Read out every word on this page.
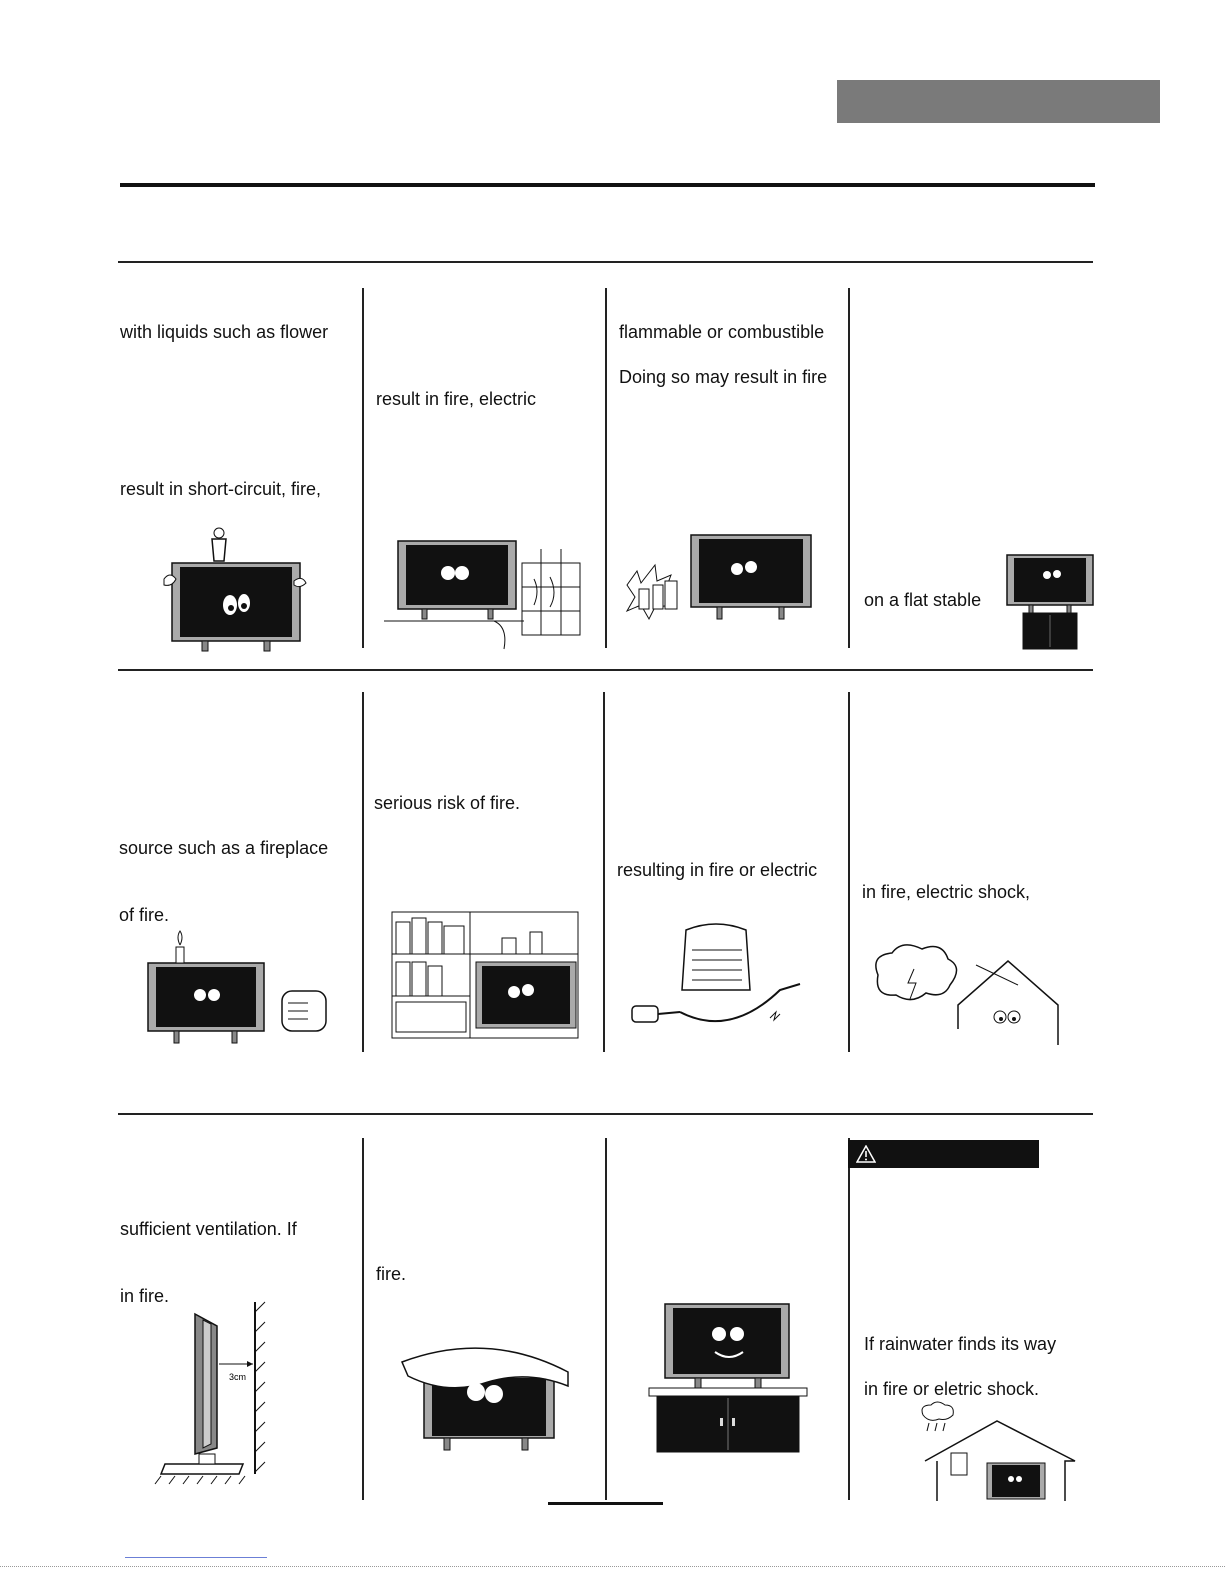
with liquids such as flower
result in short-circuit, fire,
result in fire, electric
flammable or combustible
Doing so may result in fire
on a flat stable
source such as a fireplace
of fire.
serious risk of fire.
resulting in fire or electric
in fire, electric shock,
sufficient ventilation. If
in fire.
fire.
If rainwater finds its way
in fire or eletric shock.
3cm
